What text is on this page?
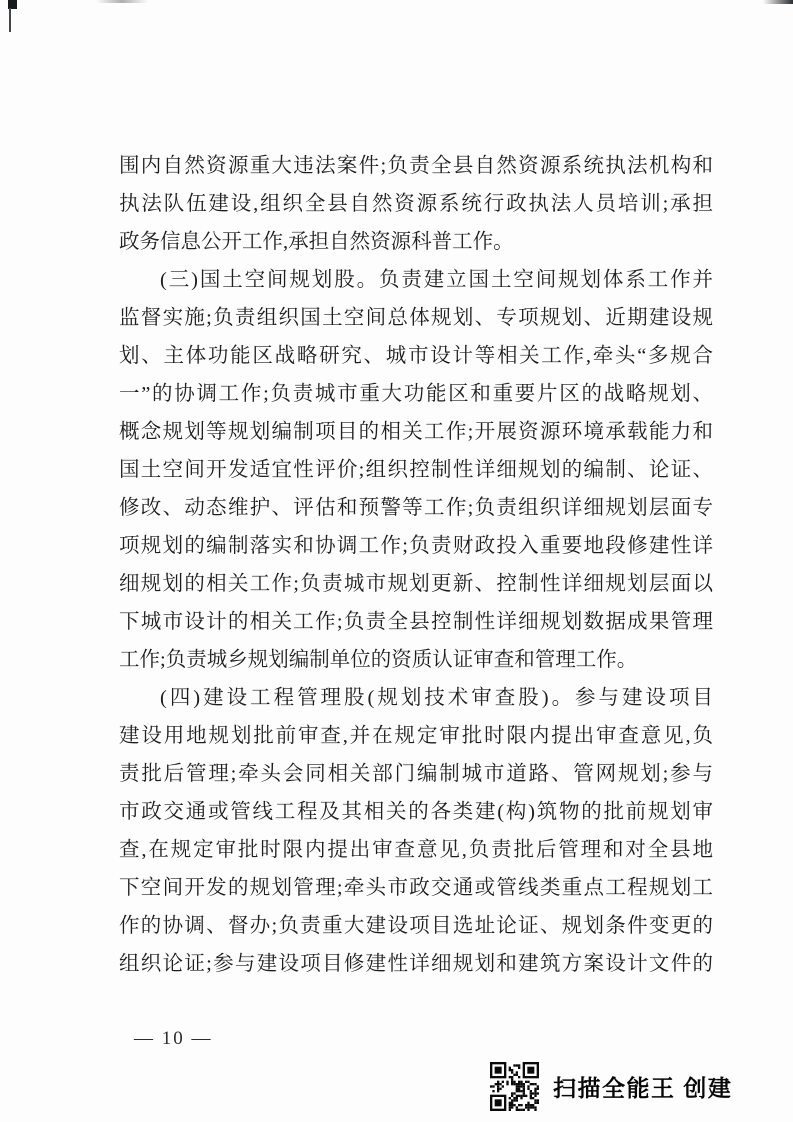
围内自然资源重大违法案件;负责全县自然资源系统执法机构和
执法队伍建设,组织全县自然资源系统行政执法人员培训;承担
政务信息公开工作,承担自然资源科普工作。
(三)国土空间规划股。负责建立国土空间规划体系工作并
监督实施;负责组织国土空间总体规划、专项规划、近期建设规
划、主体功能区战略研究、城市设计等相关工作,牵头“多规合
一”的协调工作;负责城市重大功能区和重要片区的战略规划、
概念规划等规划编制项目的相关工作;开展资源环境承载能力和
国土空间开发适宜性评价;组织控制性详细规划的编制、论证、
修改、动态维护、评估和预警等工作;负责组织详细规划层面专
项规划的编制落实和协调工作;负责财政投入重要地段修建性详
细规划的相关工作;负责城市规划更新、控制性详细规划层面以
下城市设计的相关工作;负责全县控制性详细规划数据成果管理
工作;负责城乡规划编制单位的资质认证审查和管理工作。
(四)建设工程管理股(规划技术审查股)。参与建设项目
建设用地规划批前审查,并在规定审批时限内提出审查意见,负
责批后管理;牵头会同相关部门编制城市道路、管网规划;参与
市政交通或管线工程及其相关的各类建(构)筑物的批前规划审
查,在规定审批时限内提出审查意见,负责批后管理和对全县地
下空间开发的规划管理;牵头市政交通或管线类重点工程规划工
作的协调、督办;负责重大建设项目选址论证、规划条件变更的
组织论证;参与建设项目修建性详细规划和建筑方案设计文件的
— 10 —
扫描全能王 创建
